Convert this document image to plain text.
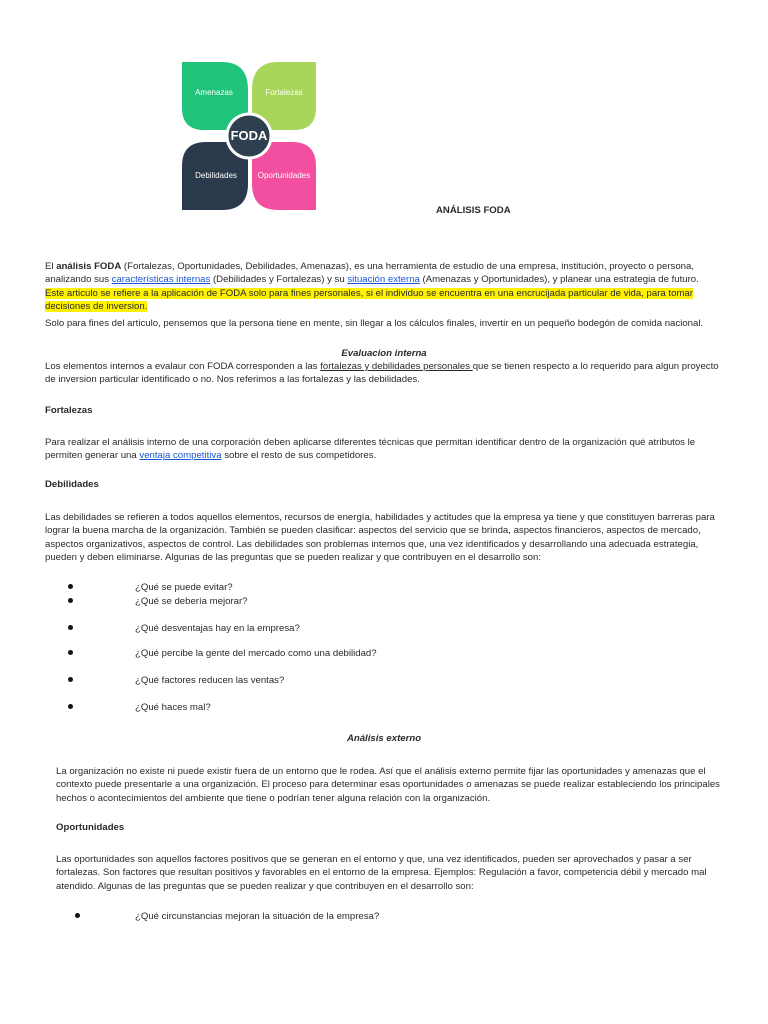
Amenazas	Fortalezas
Debilidades	Oportunidades
FODA
ANÁLISIS FODA
El análisis FODA (Fortalezas, Oportunidades, Debilidades, Amenazas), es una herramienta de estudio de una empresa, institución, proyecto o persona, analizando sus características internas (Debilidades y Fortalezas) y su situación externa (Amenazas y Oportunidades), y planear una estrategia de futuro. Este articulo se refiere a la aplicación de FODA solo para fines personales, si el individuo se encuentra en una encrucijada particular de vida, para tomar decisiones de inversion.
Solo para fines del articulo, pensemos que la persona tiene en mente, sin llegar a los cálculos finales, invertir en un pequeño bodegón de comida nacional.
Evaluacion interna
Los elementos internos a evalaur con FODA corresponden a las fortalezas y debilidades personales que se tienen respecto a lo requerido para algun proyecto de inversion particular identificado o no. Nos referimos a las fortalezas y las debilidades.
Fortalezas
Para realizar el análisis interno de una corporación deben aplicarse diferentes técnicas que permitan identificar dentro de la organización qué atributos le permiten generar una ventaja competitiva sobre el resto de sus competidores.
Debilidades
Las debilidades se refieren a todos aquellos elementos, recursos de energía, habilidades y actitudes que la empresa ya tiene y que constituyen barreras para lograr la buena marcha de la organización. También se pueden clasificar: aspectos del servicio que se brinda, aspectos financieros, aspectos de mercado, aspectos organizativos, aspectos de control. Las debilidades son problemas internos que, una vez identificados y desarrollando una adecuada estrategia, pueden y deben eliminarse. Algunas de las preguntas que se pueden realizar y que contribuyen en el desarrollo son:
¿Qué se puede evitar?
¿Qué se debería mejorar?
¿Qué desventajas hay en la empresa?
¿Qué percibe la gente del mercado como una debilidad?
¿Qué factores reducen las ventas?
¿Qué haces mal?
Análisis externo
La organización no existe ni puede existir fuera de un entorno que le rodea. Así que el análisis externo permite fijar las oportunidades y amenazas que el contexto puede presentarle a una organización. El proceso para determinar esas oportunidades o amenazas se puede realizar estableciendo los principales hechos o acontecimientos del ambiente que tiene o podrían tener alguna relación con la organización.
Oportunidades
Las oportunidades son aquellos factores positivos que se generan en el entorno y que, una vez identificados, pueden ser aprovechados y pasar a ser fortalezas. Son factores que resultan positivos y favorables en el entorno de la empresa. Ejemplos: Regulación a favor, competencia débil y mercado mal atendido. Algunas de las preguntas que se pueden realizar y que contribuyen en el desarrollo son:
¿Qué circunstancias mejoran la situación de la empresa?
